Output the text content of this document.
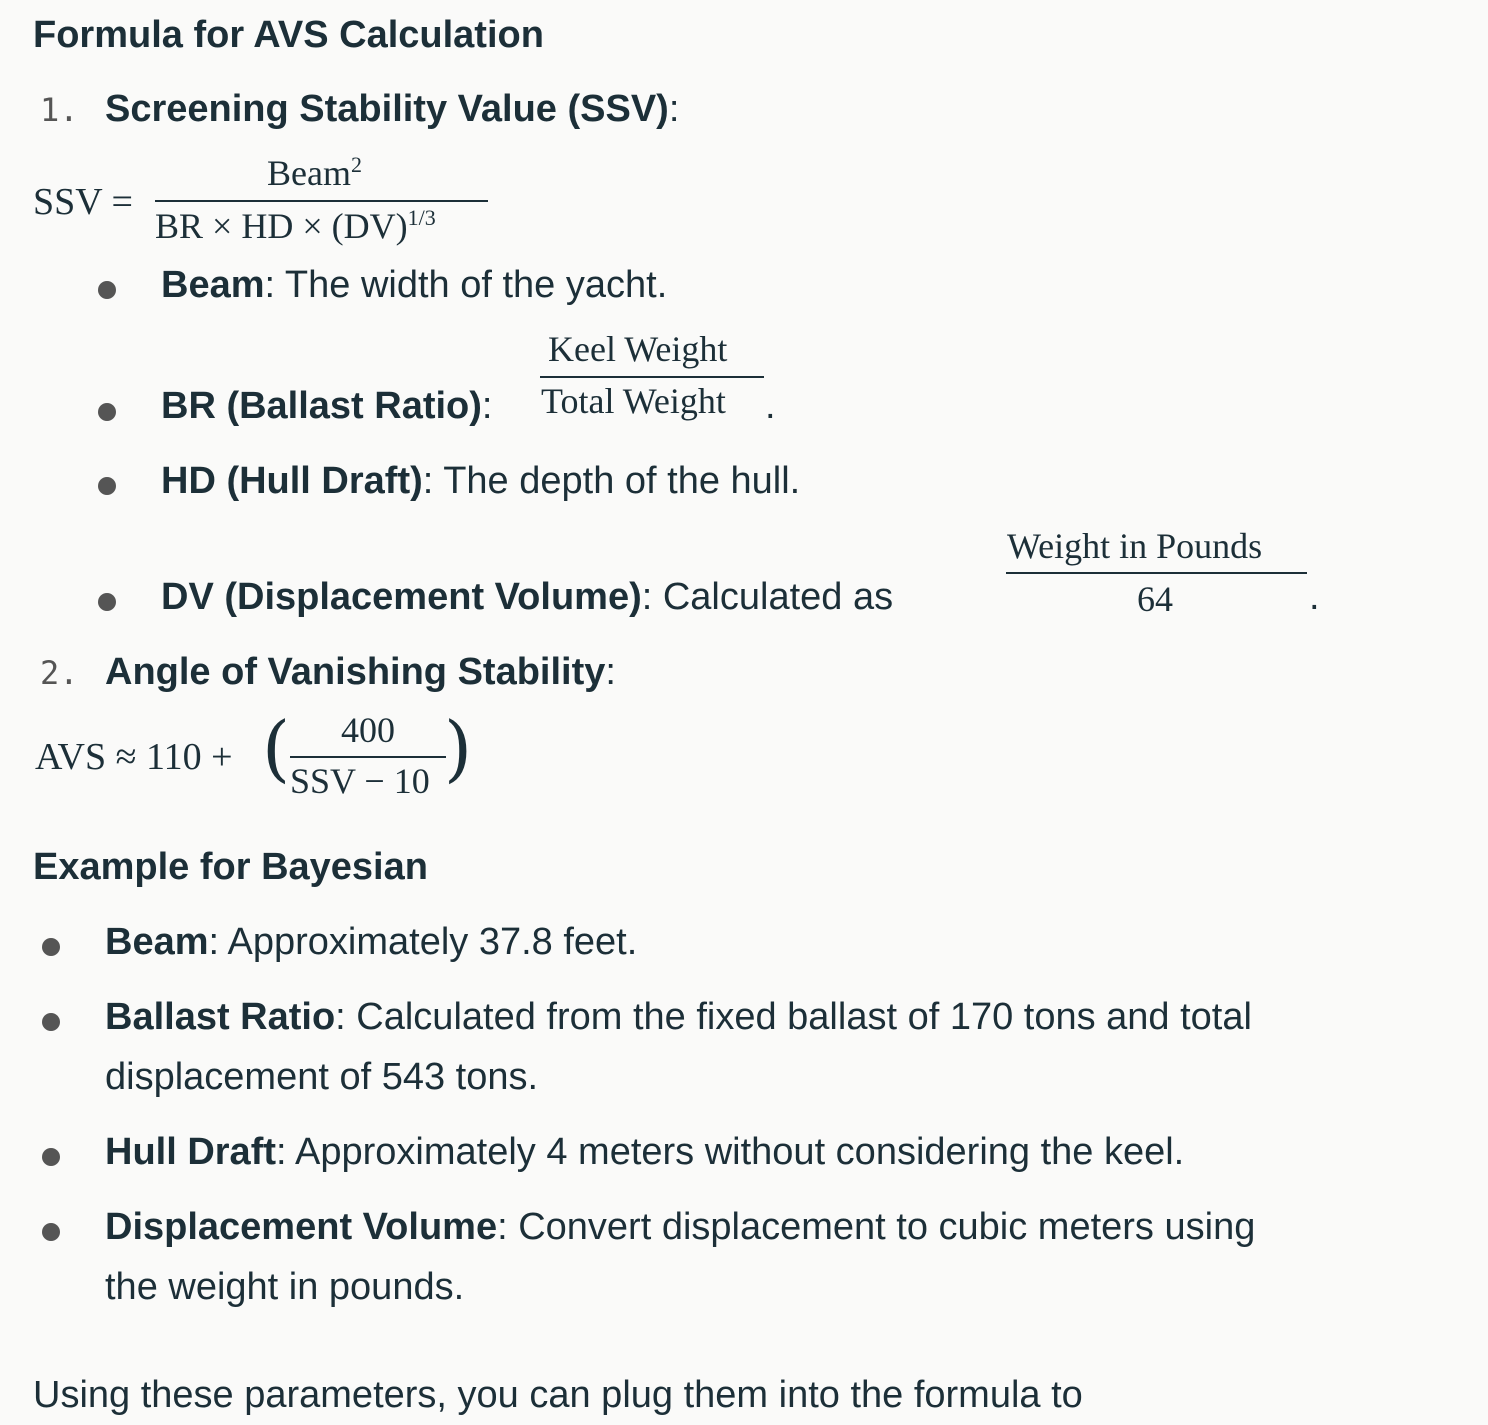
Formula for AVS Calculation
1. Screening Stability Value (SSV):
SSV =
Beam$^2$
BR × HD × (DV)$^{1/3}$
Beam: The width of the yacht.
BR (Ballast Ratio):
Keel Weight
Total Weight .
HD (Hull Draft): The depth of the hull.
DV (Displacement Volume): Calculated as
Weight in Pounds
64	.
2. Angle of Vanishing Stability:
AVS ≈ 110 + ( 400
SSV − 10 )
Example for Bayesian
Beam: Approximately 37.8 feet.
Ballast Ratio: Calculated from the fixed ballast of 170 tons and total
displacement of 543 tons.
Hull Draft: Approximately 4 meters without considering the keel.
Displacement Volume: Convert displacement to cubic meters using
the weight in pounds.
Using these parameters, you can plug them into the formula to
